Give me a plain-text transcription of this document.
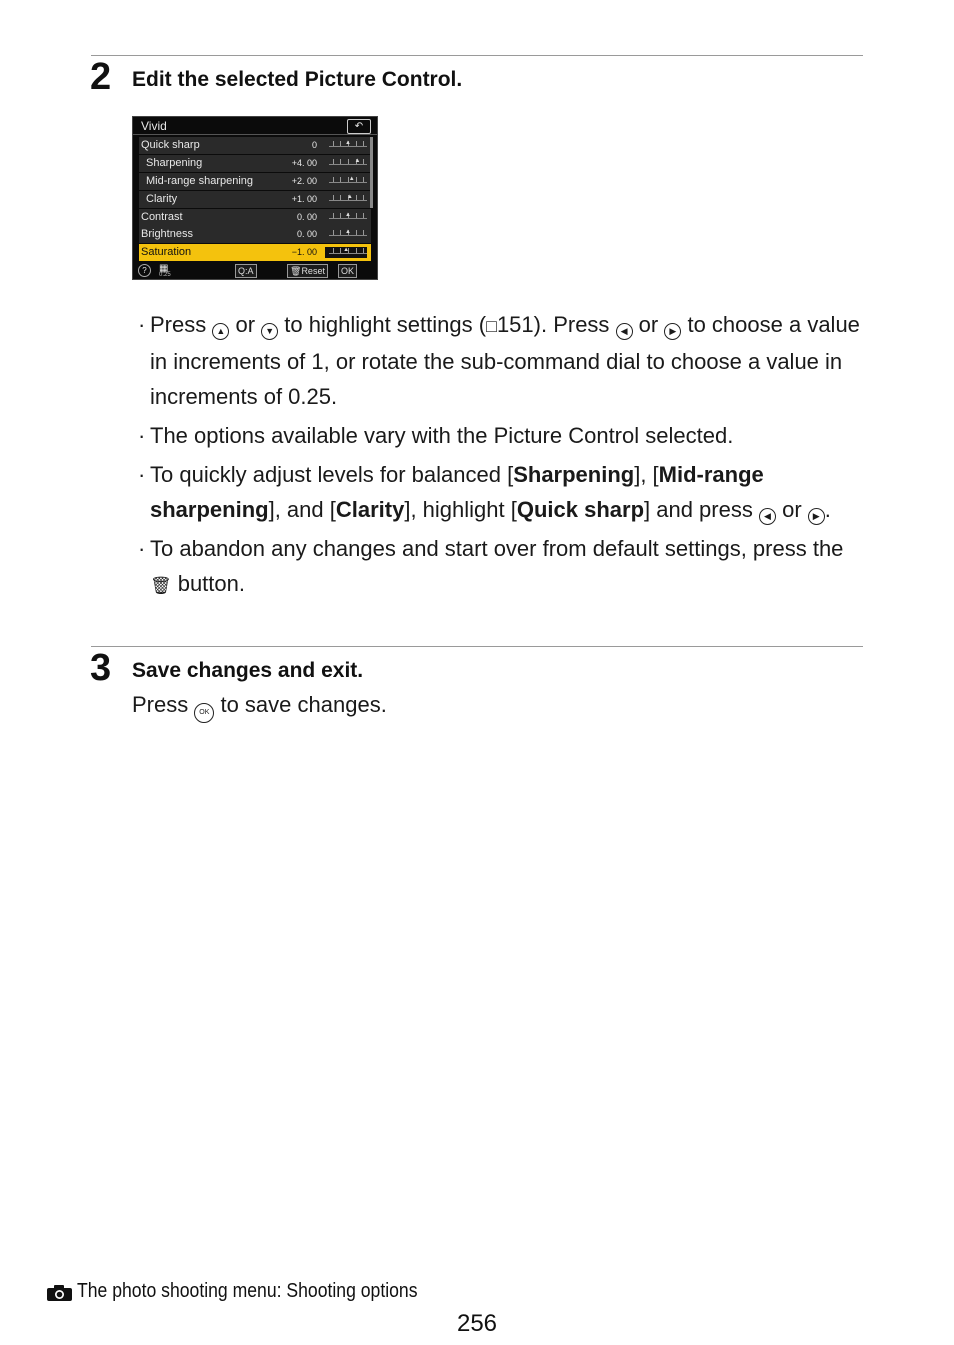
2 Edit the selected Picture Control.
Vivid	↶
Quick sharp	0	▲
Sharpening	+4. 00	▲
Mid-range sharpening	+2. 00	▲
Clarity	+1. 00	▲
Contrast	0. 00	▲
Brightness	0. 00	▲
Saturation	−1. 00	▲
?	▦
0.25	Q:A	🗑Reset	OK
· Press ▲ or ▼ to highlight settings (□151). Press ◀ or ▶ to choose a value in increments of 1, or rotate the sub-command dial to choose a value in increments of 0.25.
· The options available vary with the Picture Control selected.
· To quickly adjust levels for balanced [Sharpening], [Mid-range sharpening], and [Clarity], highlight [Quick sharp] and press ◀ or ▶ .
· To abandon any changes and start over from default settings, press the 🗑 button.
3 Save changes and exit.
Press OK to save changes.
The photo shooting menu: Shooting options
256
